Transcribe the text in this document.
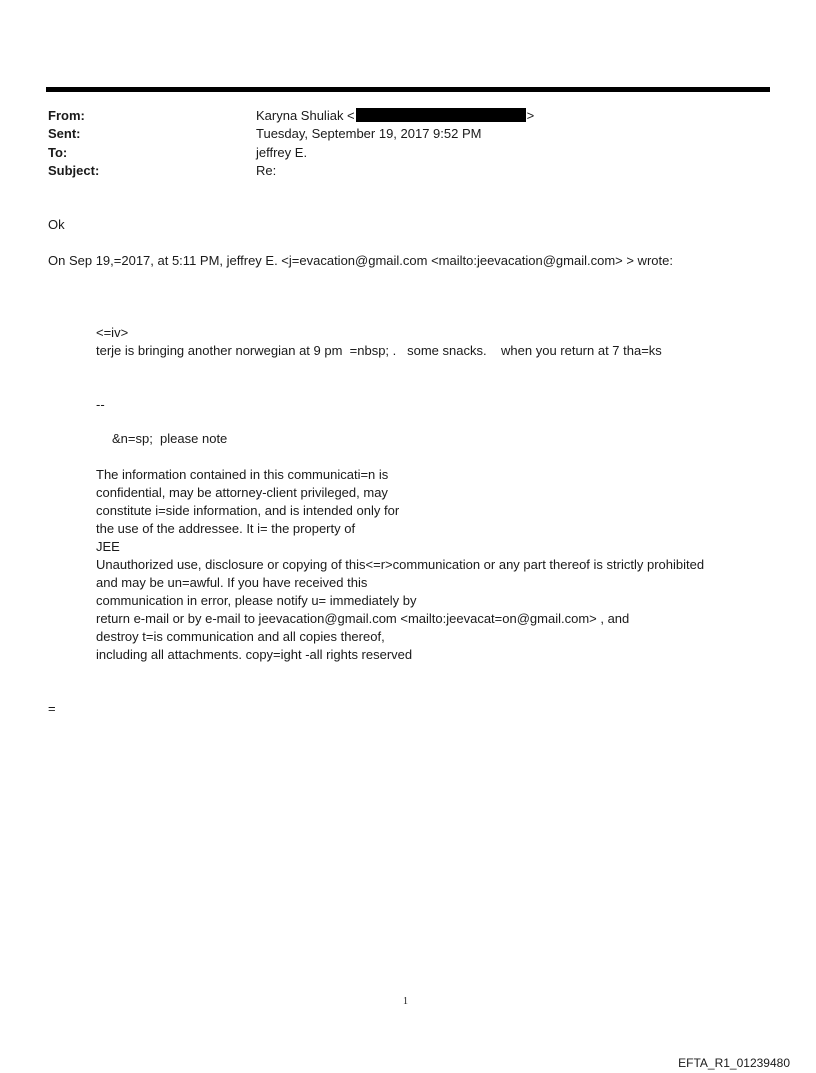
From:	Karyna Shuliak <	>
Sent:	Tuesday, September 19, 2017 9:52 PM
To:	jeffrey E.
Subject:	Re:
Ok
On Sep 19,=2017, at 5:11 PM, jeffrey E. <j=evacation@gmail.com <mailto:jeevacation@gmail.com> > wrote:
<=iv>
terje is bringing another norwegian at 9 pm  =nbsp; .   some snacks.    when you return at 7 tha=ks
--
&n=sp;  please note
The information contained in this communicati=n is
confidential, may be attorney-client privileged, may
constitute i=side information, and is intended only for
the use of the addressee. It i= the property of
JEE
Unauthorized use, disclosure or copying of this<=r>communication or any part thereof is strictly prohibited
and may be un=awful. If you have received this
communication in error, please notify u= immediately by
return e-mail or by e-mail to jeevacation@gmail.com <mailto:jeevacat=on@gmail.com> , and
destroy t=is communication and all copies thereof,
including all attachments. copy=ight -all rights reserved
=
1
EFTA_R1_01239480
